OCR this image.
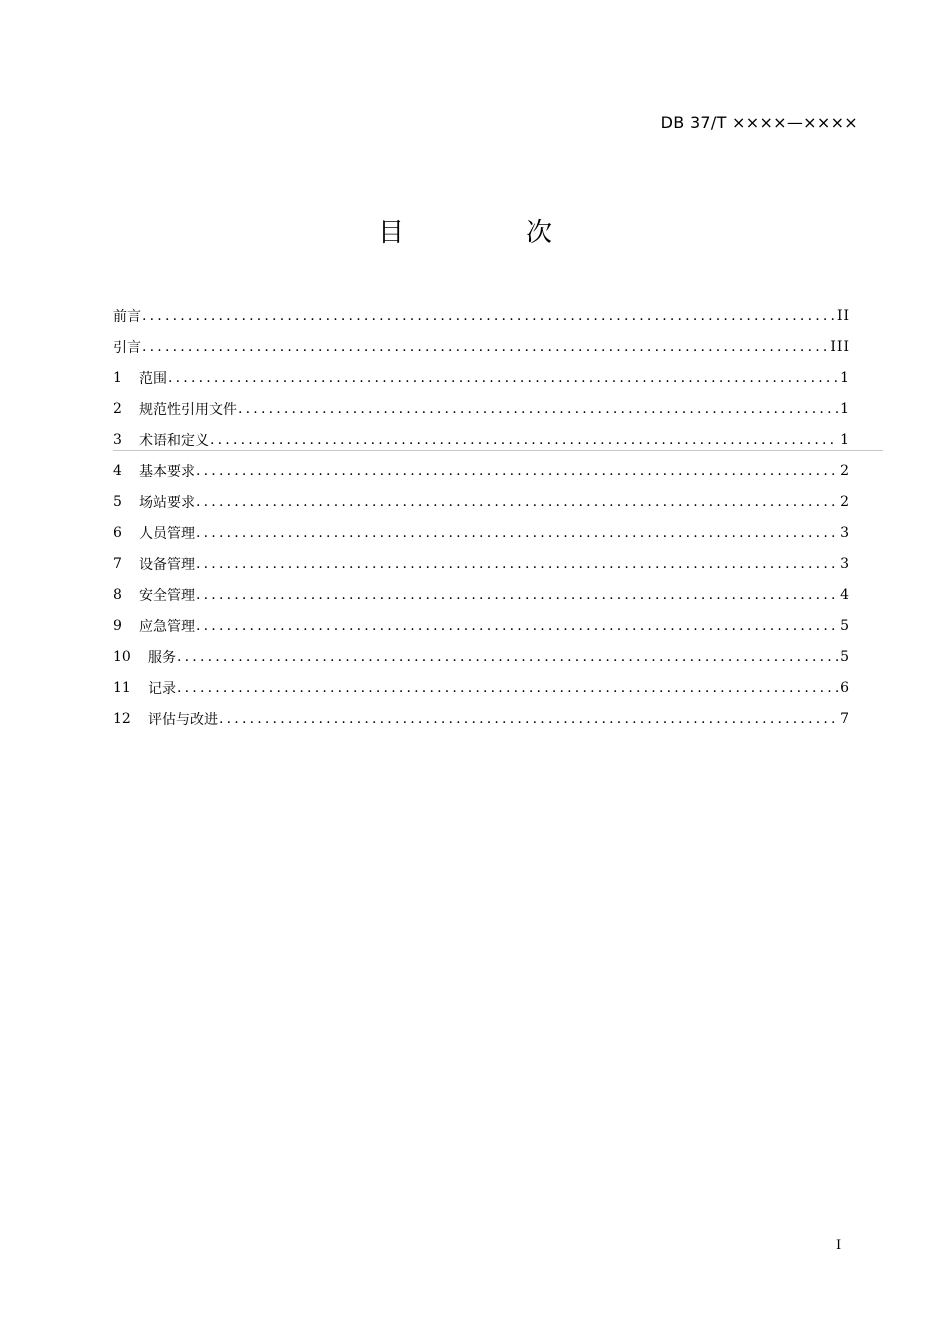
DB 37/T ××××—××××
目　次
前言 .....	II
引言 .....	III
1	范围 .....	1
2	规范性引用文件 .....	1
3	术语和定义 .....	1
4	基本要求 .....	2
5	场站要求 .....	2
6	人员管理 .....	3
7	设备管理 .....	3
8	安全管理 .....	4
9	应急管理 .....	5
10	服务 .....	5
11	记录 .....	6
12	评估与改进 .....	7
I
